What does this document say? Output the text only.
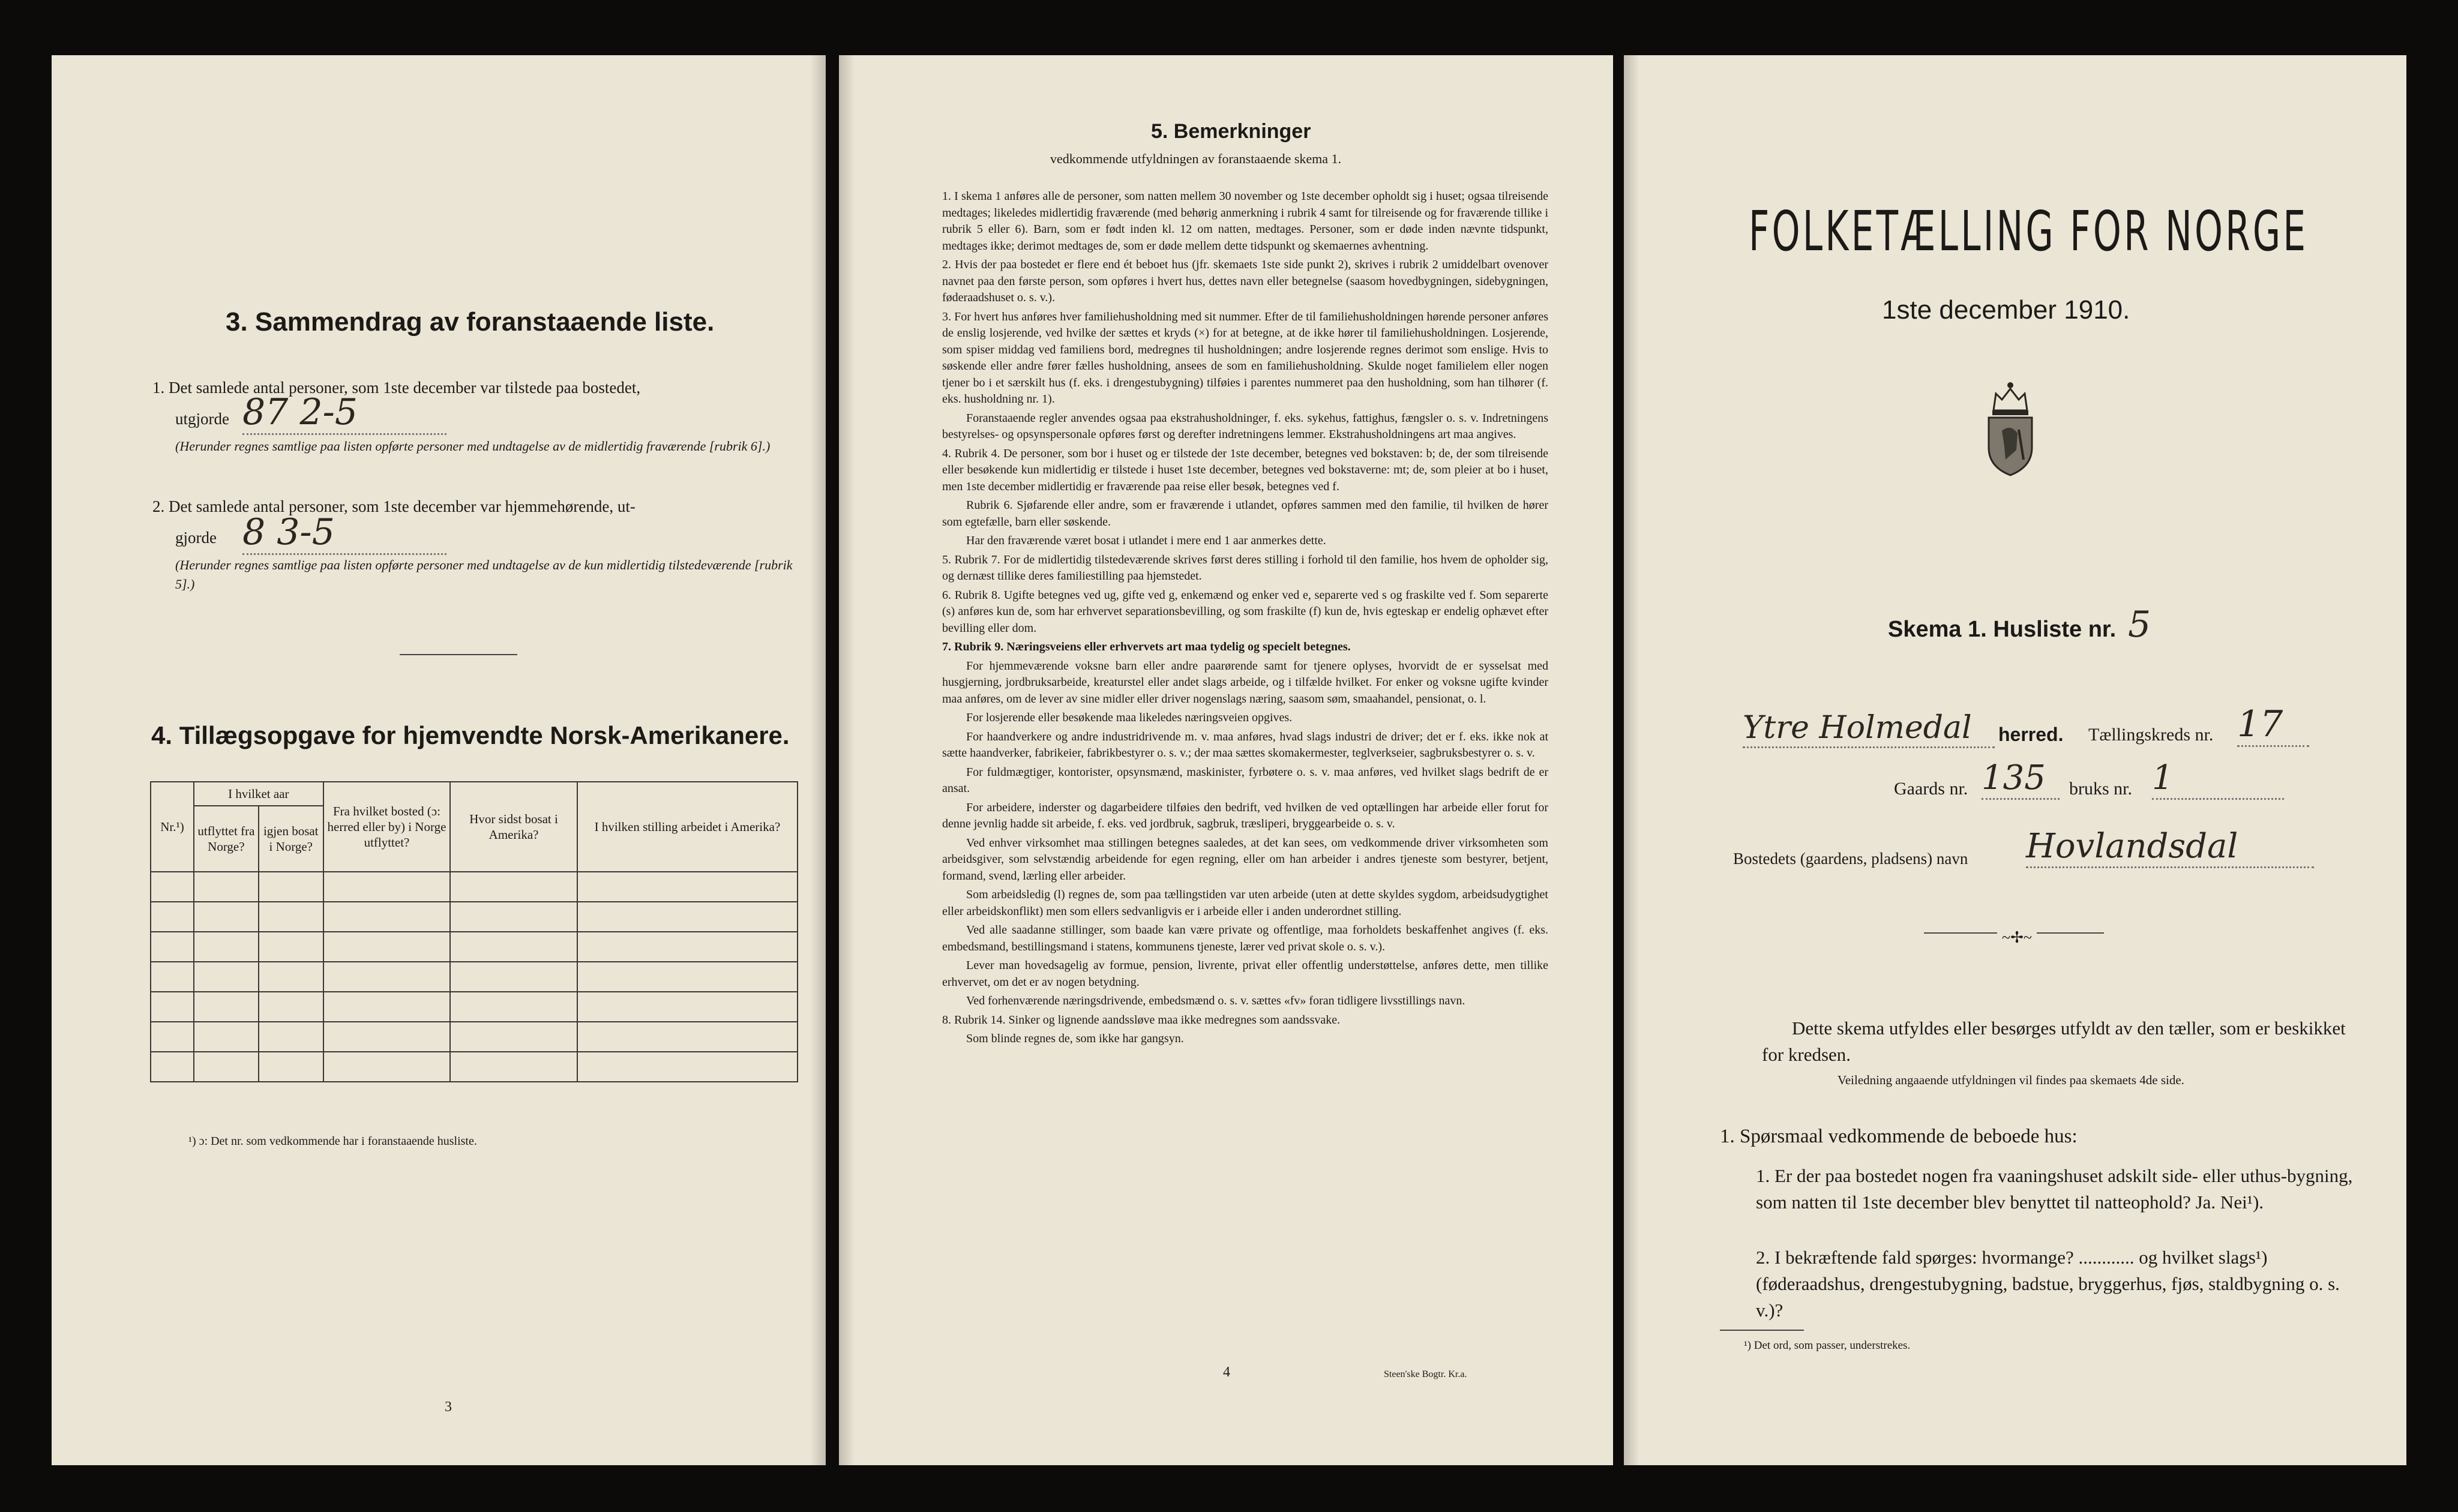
3. Sammendrag av foranstaaende liste.
1. Det samlede antal personer, som 1ste december var tilstede paa bostedet,
utgjorde 87 2-5
(Herunder regnes samtlige paa listen opførte personer med undtagelse av de midlertidig fraværende [rubrik 6].)
2. Det samlede antal personer, som 1ste december var hjemmehørende, ut-
gjorde 8 3-5
(Herunder regnes samtlige paa listen opførte personer med undtagelse av de kun midlertidig tilstedeværende [rubrik 5].)
4. Tillægsopgave for hjemvendte Norsk-Amerikanere.
Nr.¹)	I hvilket aar		Fra hvilket bosted (ɔ: herred eller by) i Norge utflyttet?	Hvor sidst bosat i Amerika?	I hvilken stilling arbeidet i Amerika?
	utflyttet fra Norge?	igjen bosat i Norge?			

¹) ɔ: Det nr. som vedkommende har i foranstaaende husliste.
3
5. Bemerkninger
vedkommende utfyldningen av foranstaaende skema 1.

1. I skema 1 anføres alle de personer, som natten mellem 30 november og 1ste december opholdt sig i huset; ogsaa tilreisende medtages; likeledes midlertidig fraværende (med behørig anmerkning i rubrik 4 samt for tilreisende og for fraværende tillike i rubrik 5 eller 6). Barn, som er født inden kl. 12 om natten, medtages. Personer, som er døde inden nævnte tidspunkt, medtages ikke; derimot medtages de, som er døde mellem dette tidspunkt og skemaernes avhentning.

2. Hvis der paa bostedet er flere end ét beboet hus (jfr. skemaets 1ste side punkt 2), skrives i rubrik 2 umiddelbart ovenover navnet paa den første person, som opføres i hvert hus, dettes navn eller betegnelse (saasom hovedbygningen, sidebygningen, føderaadshuset o. s. v.).

3. For hvert hus anføres hver familiehusholdning med sit nummer. Efter de til familiehusholdningen hørende personer anføres de enslig losjerende, ved hvilke der sættes et kryds (×) for at betegne, at de ikke hører til familiehusholdningen. Losjerende, som spiser middag ved familiens bord, medregnes til husholdningen; andre losjerende regnes derimot som enslige. Hvis to søskende eller andre fører fælles husholdning, ansees de som en familiehusholdning. Skulde noget familielem eller nogen tjener bo i et særskilt hus (f. eks. i drengestubygning) tilføies i parentes nummeret paa den husholdning, som han tilhører (f. eks. husholdning nr. 1).

Foranstaaende regler anvendes ogsaa paa ekstrahusholdninger, f. eks. sykehus, fattighus, fængsler o. s. v. Indretningens bestyrelses- og opsynspersonale opføres først og derefter indretningens lemmer. Ekstrahusholdningens art maa angives.

4. Rubrik 4. De personer, som bor i huset og er tilstede der 1ste december, betegnes ved bokstaven: b; de, der som tilreisende eller besøkende kun midlertidig er tilstede i huset 1ste december, betegnes ved bokstaverne: mt; de, som pleier at bo i huset, men 1ste december midlertidig er fraværende paa reise eller besøk, betegnes ved f.

Rubrik 6. Sjøfarende eller andre, som er fraværende i utlandet, opføres sammen med den familie, til hvilken de hører som egtefælle, barn eller søskende.

Har den fraværende været bosat i utlandet i mere end 1 aar anmerkes dette.

5. Rubrik 7. For de midlertidig tilstedeværende skrives først deres stilling i forhold til den familie, hos hvem de opholder sig, og dernæst tillike deres familiestilling paa hjemstedet.

6. Rubrik 8. Ugifte betegnes ved ug, gifte ved g, enkemænd og enker ved e, separerte ved s og fraskilte ved f. Som separerte (s) anføres kun de, som har erhvervet separationsbevilling, og som fraskilte (f) kun de, hvis egteskap er endelig ophævet efter bevilling eller dom.

7. Rubrik 9. Næringsveiens eller erhvervets art maa tydelig og specielt betegnes.

For hjemmeværende voksne barn eller andre paarørende samt for tjenere oplyses, hvorvidt de er sysselsat med husgjerning, jordbruksarbeide, kreaturstel eller andet slags arbeide, og i tilfælde hvilket. For enker og voksne ugifte kvinder maa anføres, om de lever av sine midler eller driver nogenslags næring, saasom søm, smaahandel, pensionat, o. l.

For losjerende eller besøkende maa likeledes næringsveien opgives.

For haandverkere og andre industridrivende m. v. maa anføres, hvad slags industri de driver; det er f. eks. ikke nok at sætte haandverker, fabrikeier, fabrikbestyrer o. s. v.; der maa sættes skomakermester, teglverkseier, sagbruksbestyrer o. s. v.

For fuldmægtiger, kontorister, opsynsmænd, maskinister, fyrbøtere o. s. v. maa anføres, ved hvilket slags bedrift de er ansat.

For arbeidere, inderster og dagarbeidere tilføies den bedrift, ved hvilken de ved optællingen har arbeide eller forut for denne jevnlig hadde sit arbeide, f. eks. ved jordbruk, sagbruk, træsliperi, bryggearbeide o. s. v.

Ved enhver virksomhet maa stillingen betegnes saaledes, at det kan sees, om vedkommende driver virksomheten som arbeidsgiver, som selvstændig arbeidende for egen regning, eller om han arbeider i andres tjeneste som bestyrer, betjent, formand, svend, lærling eller arbeider.

Som arbeidsledig (l) regnes de, som paa tællingstiden var uten arbeide (uten at dette skyldes sygdom, arbeidsudygtighet eller arbeidskonflikt) men som ellers sedvanligvis er i arbeide eller i anden underordnet stilling.

Ved alle saadanne stillinger, som baade kan være private og offentlige, maa forholdets beskaffenhet angives (f. eks. embedsmand, bestillingsmand i statens, kommunens tjeneste, lærer ved privat skole o. s. v.).

Lever man hovedsagelig av formue, pension, livrente, privat eller offentlig understøttelse, anføres dette, men tillike erhvervet, om det er av nogen betydning.

Ved forhenværende næringsdrivende, embedsmænd o. s. v. sættes «fv» foran tidligere livsstillings navn.

8. Rubrik 14. Sinker og lignende aandssløve maa ikke medregnes som aandssvake.

Som blinde regnes de, som ikke har gangsyn.

4	Steen'ske Bogtr. Kr.a.
FOLKETÆLLING FOR NORGE
1ste december 1910.
Skema 1. Husliste nr. 5
Ytre Holmedal	herred. Tællingskreds nr. 17
Gaards nr. 135	bruks nr. 1
Bostedets (gaardens, pladsens) navn Hovlandsdal
~✢~
Dette skema utfyldes eller besørges utfyldt av den tæller, som er beskikket for kredsen.
Veiledning angaaende utfyldningen vil findes paa skemaets 4de side.
1. Spørsmaal vedkommende de beboede hus:
1. Er der paa bostedet nogen fra vaaningshuset adskilt side- eller uthus-bygning, som natten til 1ste december blev benyttet til natteophold? Ja. Nei¹).
2. I bekræftende fald spørges: hvormange? ............ og hvilket slags¹) (føderaadshus, drengestubygning, badstue, bryggerhus, fjøs, staldbygning o. s. v.)?
¹) Det ord, som passer, understrekes.
